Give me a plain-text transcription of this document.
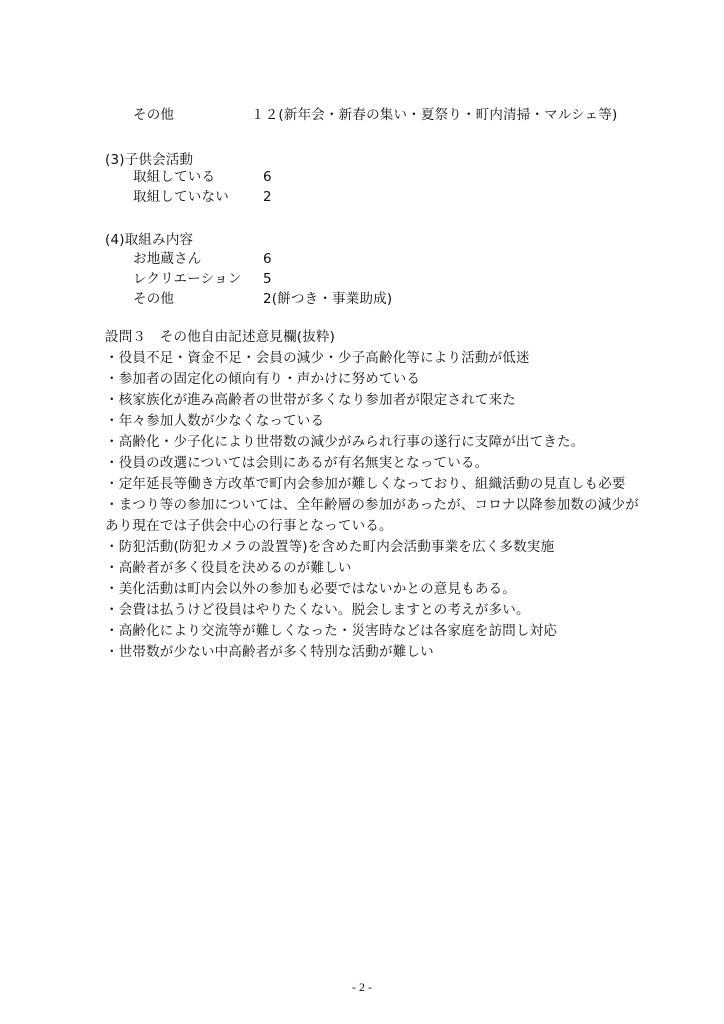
その他	１２(新年会・新春の集い・夏祭り・町内清掃・マルシェ等)
(3)子供会活動
取組している	6
取組していない	2
(4)取組み内容
お地蔵さん	6
レクリエーション 5
その他	2(餅つき・事業助成)
設問３　その他自由記述意見欄(抜粋)
・役員不足・資金不足・会員の減少・少子高齢化等により活動が低迷
・参加者の固定化の傾向有り・声かけに努めている
・核家族化が進み高齢者の世帯が多くなり参加者が限定されて来た
・年々参加人数が少なくなっている
・高齢化・少子化により世帯数の減少がみられ行事の遂行に支障が出てきた。
・役員の改選については会則にあるが有名無実となっている。
・定年延長等働き方改革で町内会参加が難しくなっており、組織活動の見直しも必要
・まつり等の参加については、全年齢層の参加があったが、コロナ以降参加数の減少が
あり現在では子供会中心の行事となっている。
・防犯活動(防犯カメラの設置等)を含めた町内会活動事業を広く多数実施
・高齢者が多く役員を決めるのが難しい
・美化活動は町内会以外の参加も必要ではないかとの意見もある。
・会費は払うけど役員はやりたくない。脱会しますとの考えが多い。
・高齢化により交流等が難しくなった・災害時などは各家庭を訪問し対応
・世帯数が少ない中高齢者が多く特別な活動が難しい
- 2 -
